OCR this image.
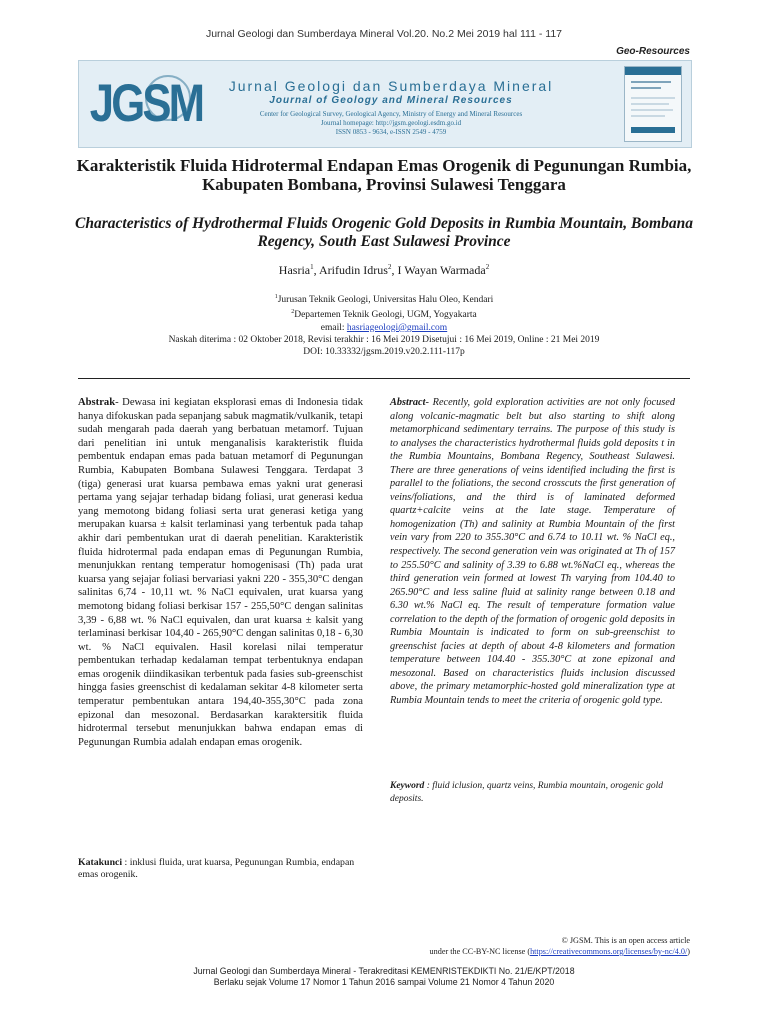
Jurnal Geologi dan Sumberdaya Mineral Vol.20. No.2 Mei 2019 hal 111 - 117
Geo-Resources
JGSM	Jurnal Geologi dan Sumberdaya Mineral
Journal of Geology and Mineral Resources
Center for Geological Survey, Geological Agency, Ministry of Energy and Mineral Resources
Journal homepage: http://jgsm.geologi.esdm.go.id
ISSN 0853 - 9634, e-ISSN 2549 - 4759
Karakteristik Fluida Hidrotermal Endapan Emas Orogenik di Pegunungan Rumbia, Kabupaten Bombana, Provinsi Sulawesi Tenggara
Characteristics of Hydrothermal Fluids Orogenic Gold Deposits in Rumbia Mountain, Bombana Regency, South East Sulawesi Province
Hasria$^1$, Arifudin Idrus$^2$, I Wayan Warmada$^2$
$^1$Jurusan Teknik Geologi, Universitas Halu Oleo, Kendari
$^2$Departemen Teknik Geologi, UGM, Yogyakarta
email: hasriageologi@gmail.com
Naskah diterima : 02 Oktober 2018, Revisi terakhir : 16 Mei 2019 Disetujui : 16 Mei 2019, Online : 21 Mei 2019
DOI: 10.33332/jgsm.2019.v20.2.111-117p
Abstrak- Dewasa ini kegiatan eksplorasi emas di Indonesia tidak hanya difokuskan pada sepanjang sabuk magmatik/vulkanik, tetapi sudah mengarah pada daerah yang berbatuan metamorf. Tujuan dari penelitian ini untuk menganalisis karakteristik fluida pembentuk endapan emas pada batuan metamorf di Pegunungan Rumbia, Kabupaten Bombana Sulawesi Tenggara. Terdapat 3 (tiga) generasi urat kuarsa pembawa emas yakni urat generasi pertama yang sejajar terhadap bidang foliasi, urat generasi kedua yang memotong bidang foliasi serta urat generasi ketiga yang merupakan kuarsa ± kalsit terlaminasi yang terbentuk pada tahap akhir dari pembentukan urat di daerah penelitian. Karakteristik fluida hidrotermal pada endapan emas di Pegunungan Rumbia, menunjukkan rentang temperatur homogenisasi (Th) pada urat kuarsa yang sejajar foliasi bervariasi yakni 220 - 355,30°C dengan salinitas 6,74 - 10,11 wt. % NaCl equivalen, urat kuarsa yang memotong bidang foliasi berkisar 157 - 255,50°C dengan salinitas 3,39 - 6,88 wt. % NaCl equivalen, dan urat kuarsa ± kalsit yang terlaminasi berkisar 104,40 - 265,90°C dengan salinitas 0,18 - 6,30 wt. % NaCl equivalen. Hasil korelasi nilai temperatur pembentukan terhadap kedalaman tempat terbentuknya endapan emas orogenik diindikasikan terbentuk pada fasies sub-greenschist hingga fasies greenschist di kedalaman sekitar 4-8 kilometer serta temperatur pembentukan antara 194,40-355,30°C pada zona epizonal dan mesozonal. Berdasarkan karaktersitik fluida hidrotermal tersebut menunjukkan bahwa endapan emas di Pegunungan Rumbia adalah endapan emas orogenik.
Katakunci : inklusi fluida, urat kuarsa, Pegunungan Rumbia, endapan emas orogenik.
Abstract- Recently, gold exploration activities are not only focused along volcanic-magmatic belt but also starting to shift along metamorphicand sedimentary terrains. The purpose of this study is to analyses the characteristics hydrothermal fluids gold deposits t in the Rumbia Mountains, Bombana Regency, Southeast Sulawesi. There are three generations of veins identified including the first is parallel to the foliations, the second crosscuts the first generation of veins/foliations, and the third is of laminated deformed quartz+calcite veins at the late stage. Temperature of homogenization (Th) and salinity at Rumbia Mountain of the first vein vary from 220 to 355.30°C and 6.74 to 10.11 wt. % NaCl eq., respectively. The second generation vein was originated at Th of 157 to 255.50°C and salinity of 3.39 to 6.88 wt.%NaCl eq., whereas the third generation vein formed at lowest Th varying from 104.40 to 265.90°C and less saline fluid at salinity range between 0.18 and 6.30 wt.% NaCl eq. The result of temperature formation value correlation to the depth of the formation of orogenic gold deposits in Rumbia Mountain is indicated to form on sub-greenschist to greenschist facies at depth of about 4-8 kilometers and formation temperature between 104.40 - 355.30°C at zone epizonal and mesozonal. Based on characteristics fluids inclusion discussed above, the primary metamorphic-hosted gold mineralization type at Rumbia Mountain tends to meet the criteria of orogenic gold type.
Keyword : fluid iclusion, quartz veins, Rumbia mountain, orogenic gold deposits.
© JGSM. This is an open access article
under the CC-BY-NC license (https://creativecommons.org/licenses/by-nc/4.0/)
Jurnal Geologi dan Sumberdaya Mineral - Terakreditasi KEMENRISTEKDIKTI No. 21/E/KPT/2018
Berlaku sejak Volume 17 Nomor 1 Tahun 2016 sampai Volume 21 Nomor 4 Tahun 2020
